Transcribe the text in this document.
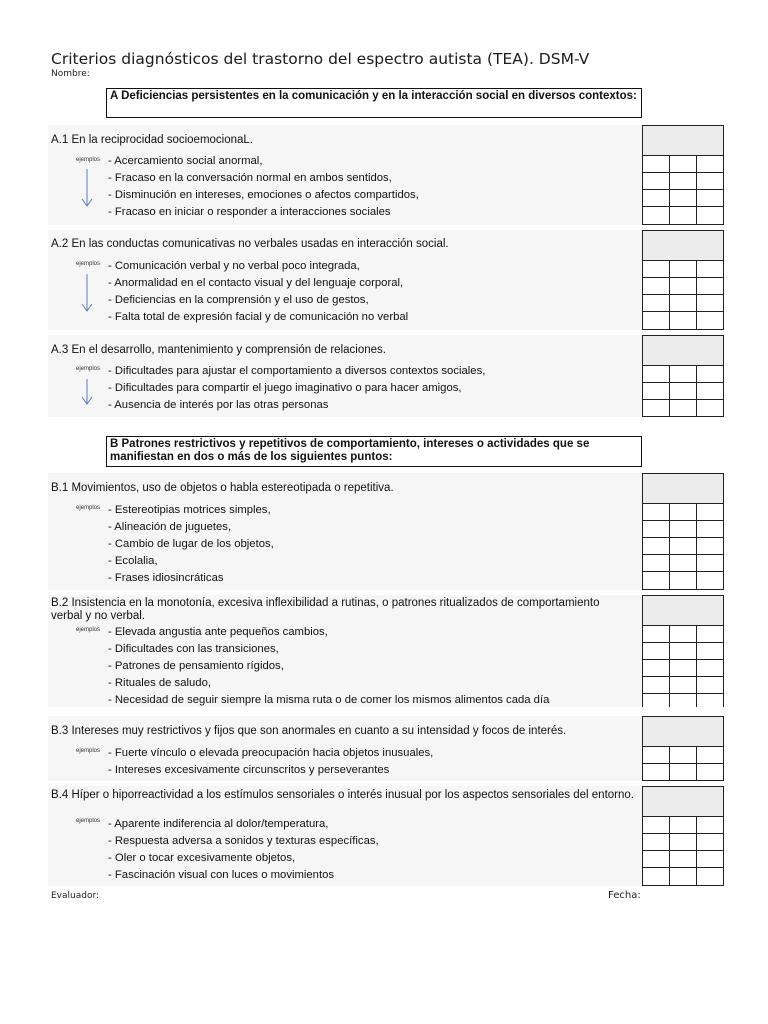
Criterios diagnósticos del trastorno del espectro autista (TEA). DSM-V
Nombre:
A Deficiencias persistentes en la comunicación y en la interacción social en diversos contextos:
A.1 En la reciprocidad socioemocionaL.
ejemplos - Acercamiento social anormal,
- Fracaso en la conversación normal en ambos sentidos,
- Disminución en intereses, emociones o afectos compartidos,
- Fracaso en iniciar o responder a interacciones sociales
A.2 En las conductas comunicativas no verbales usadas en interacción social.
ejemplos - Comunicación verbal y no verbal poco integrada,
- Anormalidad en el contacto visual y del lenguaje corporal,
- Deficiencias en la comprensión y el uso de gestos,
- Falta total de expresión facial y de comunicación no verbal
A.3 En el desarrollo, mantenimiento y comprensión de relaciones.
ejemplos - Dificultades para ajustar el comportamiento a diversos contextos sociales,
- Dificultades para compartir el juego imaginativo o para hacer amigos,
- Ausencia de interés por las otras personas
B Patrones restrictivos y repetitivos de comportamiento, intereses o actividades que se manifiestan en dos o más de los siguientes puntos:
B.1 Movimientos, uso de objetos o habla estereotipada o repetitiva.
ejemplos - Estereotipias motrices simples,
- Alineación de juguetes,
- Cambio de lugar de los objetos,
- Ecolalia,
- Frases idiosincráticas
B.2 Insistencia en la monotonía, excesiva inflexibilidad a rutinas, o patrones ritualizados de comportamiento verbal y no verbal.
ejemplos - Elevada angustia ante pequeños cambios,
- Dificultades con las transiciones,
- Patrones de pensamiento rígidos,
- Rituales de saludo,
- Necesidad de seguir siempre la misma ruta o de comer los mismos alimentos cada día
B.3 Intereses muy restrictivos y fijos que son anormales en cuanto a su intensidad y focos de interés.
ejemplos - Fuerte vínculo o elevada preocupación hacia objetos inusuales,
- Intereses excesivamente circunscritos y perseverantes
B.4 Híper o hiporreactividad a los estímulos sensoriales o interés inusual por los aspectos sensoriales del entorno.
ejemplos - Aparente indiferencia al dolor/temperatura,
- Respuesta adversa a sonidos y texturas específicas,
- Oler o tocar excesivamente objetos,
- Fascinación visual con luces o movimientos
Evaluador:	Fecha:
